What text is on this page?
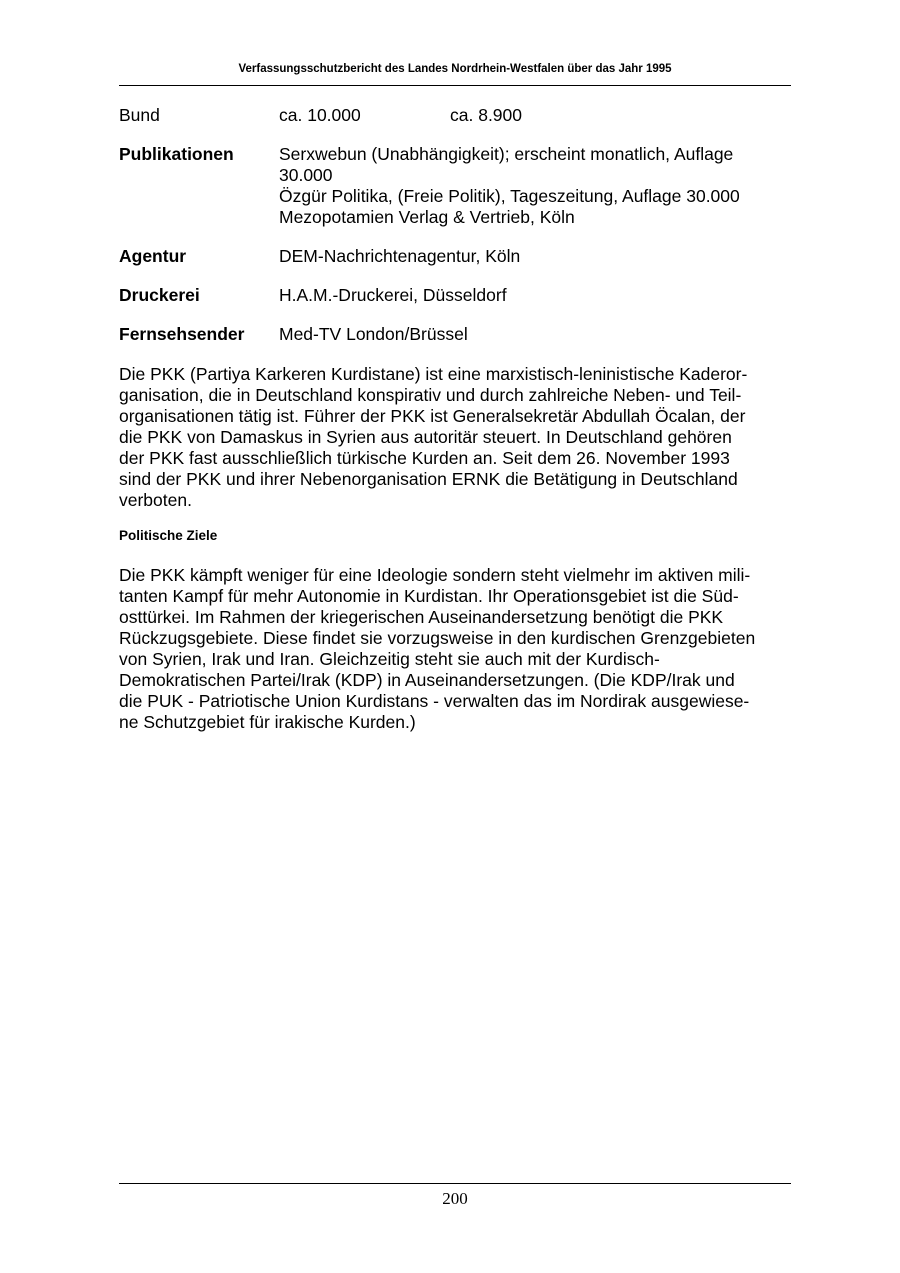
Verfassungsschutzbericht des Landes Nordrhein-Westfalen über das Jahr 1995
Bund	ca. 10.000	ca. 8.900

Publikationen	Serxwebun (Unabhängigkeit); erscheint monatlich, Auflage
30.000
Özgür Politika, (Freie Politik), Tageszeitung, Auflage 30.000
Mezopotamien Verlag & Vertrieb, Köln	

Agentur	DEM-Nachrichtenagentur, Köln	

Druckerei	H.A.M.-Druckerei, Düsseldorf	

Fernsehsender	Med-TV London/Brüssel	
Die PKK (Partiya Karkeren Kurdistane) ist eine marxistisch-leninistische Kaderor-
ganisation, die in Deutschland konspirativ und durch zahlreiche Neben- und Teil-
organisationen tätig ist. Führer der PKK ist Generalsekretär Abdullah Öcalan, der
die PKK von Damaskus in Syrien aus autoritär steuert. In Deutschland gehören
der PKK fast ausschließlich türkische Kurden an. Seit dem 26. November 1993
sind der PKK und ihrer Nebenorganisation ERNK die Betätigung in Deutschland
verboten.
Politische Ziele
Die PKK kämpft weniger für eine Ideologie sondern steht vielmehr im aktiven mili-
tanten Kampf für mehr Autonomie in Kurdistan. Ihr Operationsgebiet ist die Süd-
osttürkei. Im Rahmen der kriegerischen Auseinandersetzung benötigt die PKK
Rückzugsgebiete. Diese findet sie vorzugsweise in den kurdischen Grenzgebieten
von Syrien, Irak und Iran. Gleichzeitig steht sie auch mit der Kurdisch-
Demokratischen Partei/Irak (KDP) in Auseinandersetzungen. (Die KDP/Irak und
die PUK - Patriotische Union Kurdistans - verwalten das im Nordirak ausgewiese-
ne Schutzgebiet für irakische Kurden.)
200
